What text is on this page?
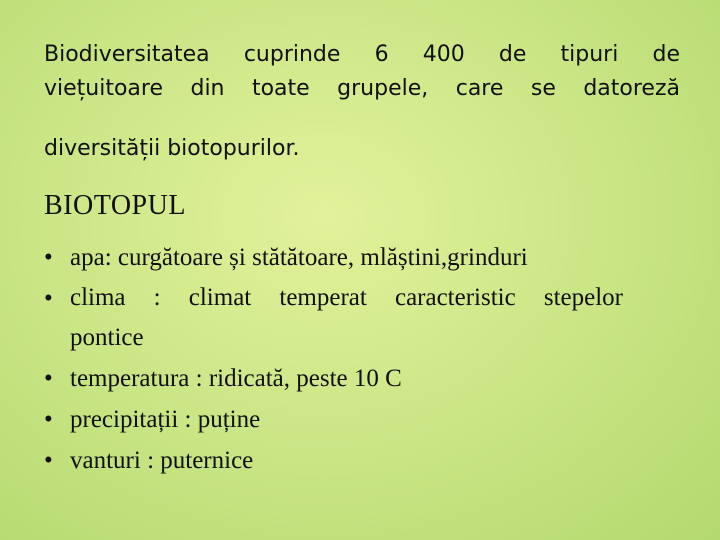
Biodiversitatea cuprinde 6 400 de tipuri de
viețuitoare din toate grupele, care se datoreză
diversității biotopurilor.
BIOTOPUL
• apa: curgătoare și stătătoare, mlăștini,grinduri
• clima : climat temperat caracteristic stepelor
pontice
• temperatura : ridicată, peste 10 C
• precipitații : puține
• vanturi : puternice
